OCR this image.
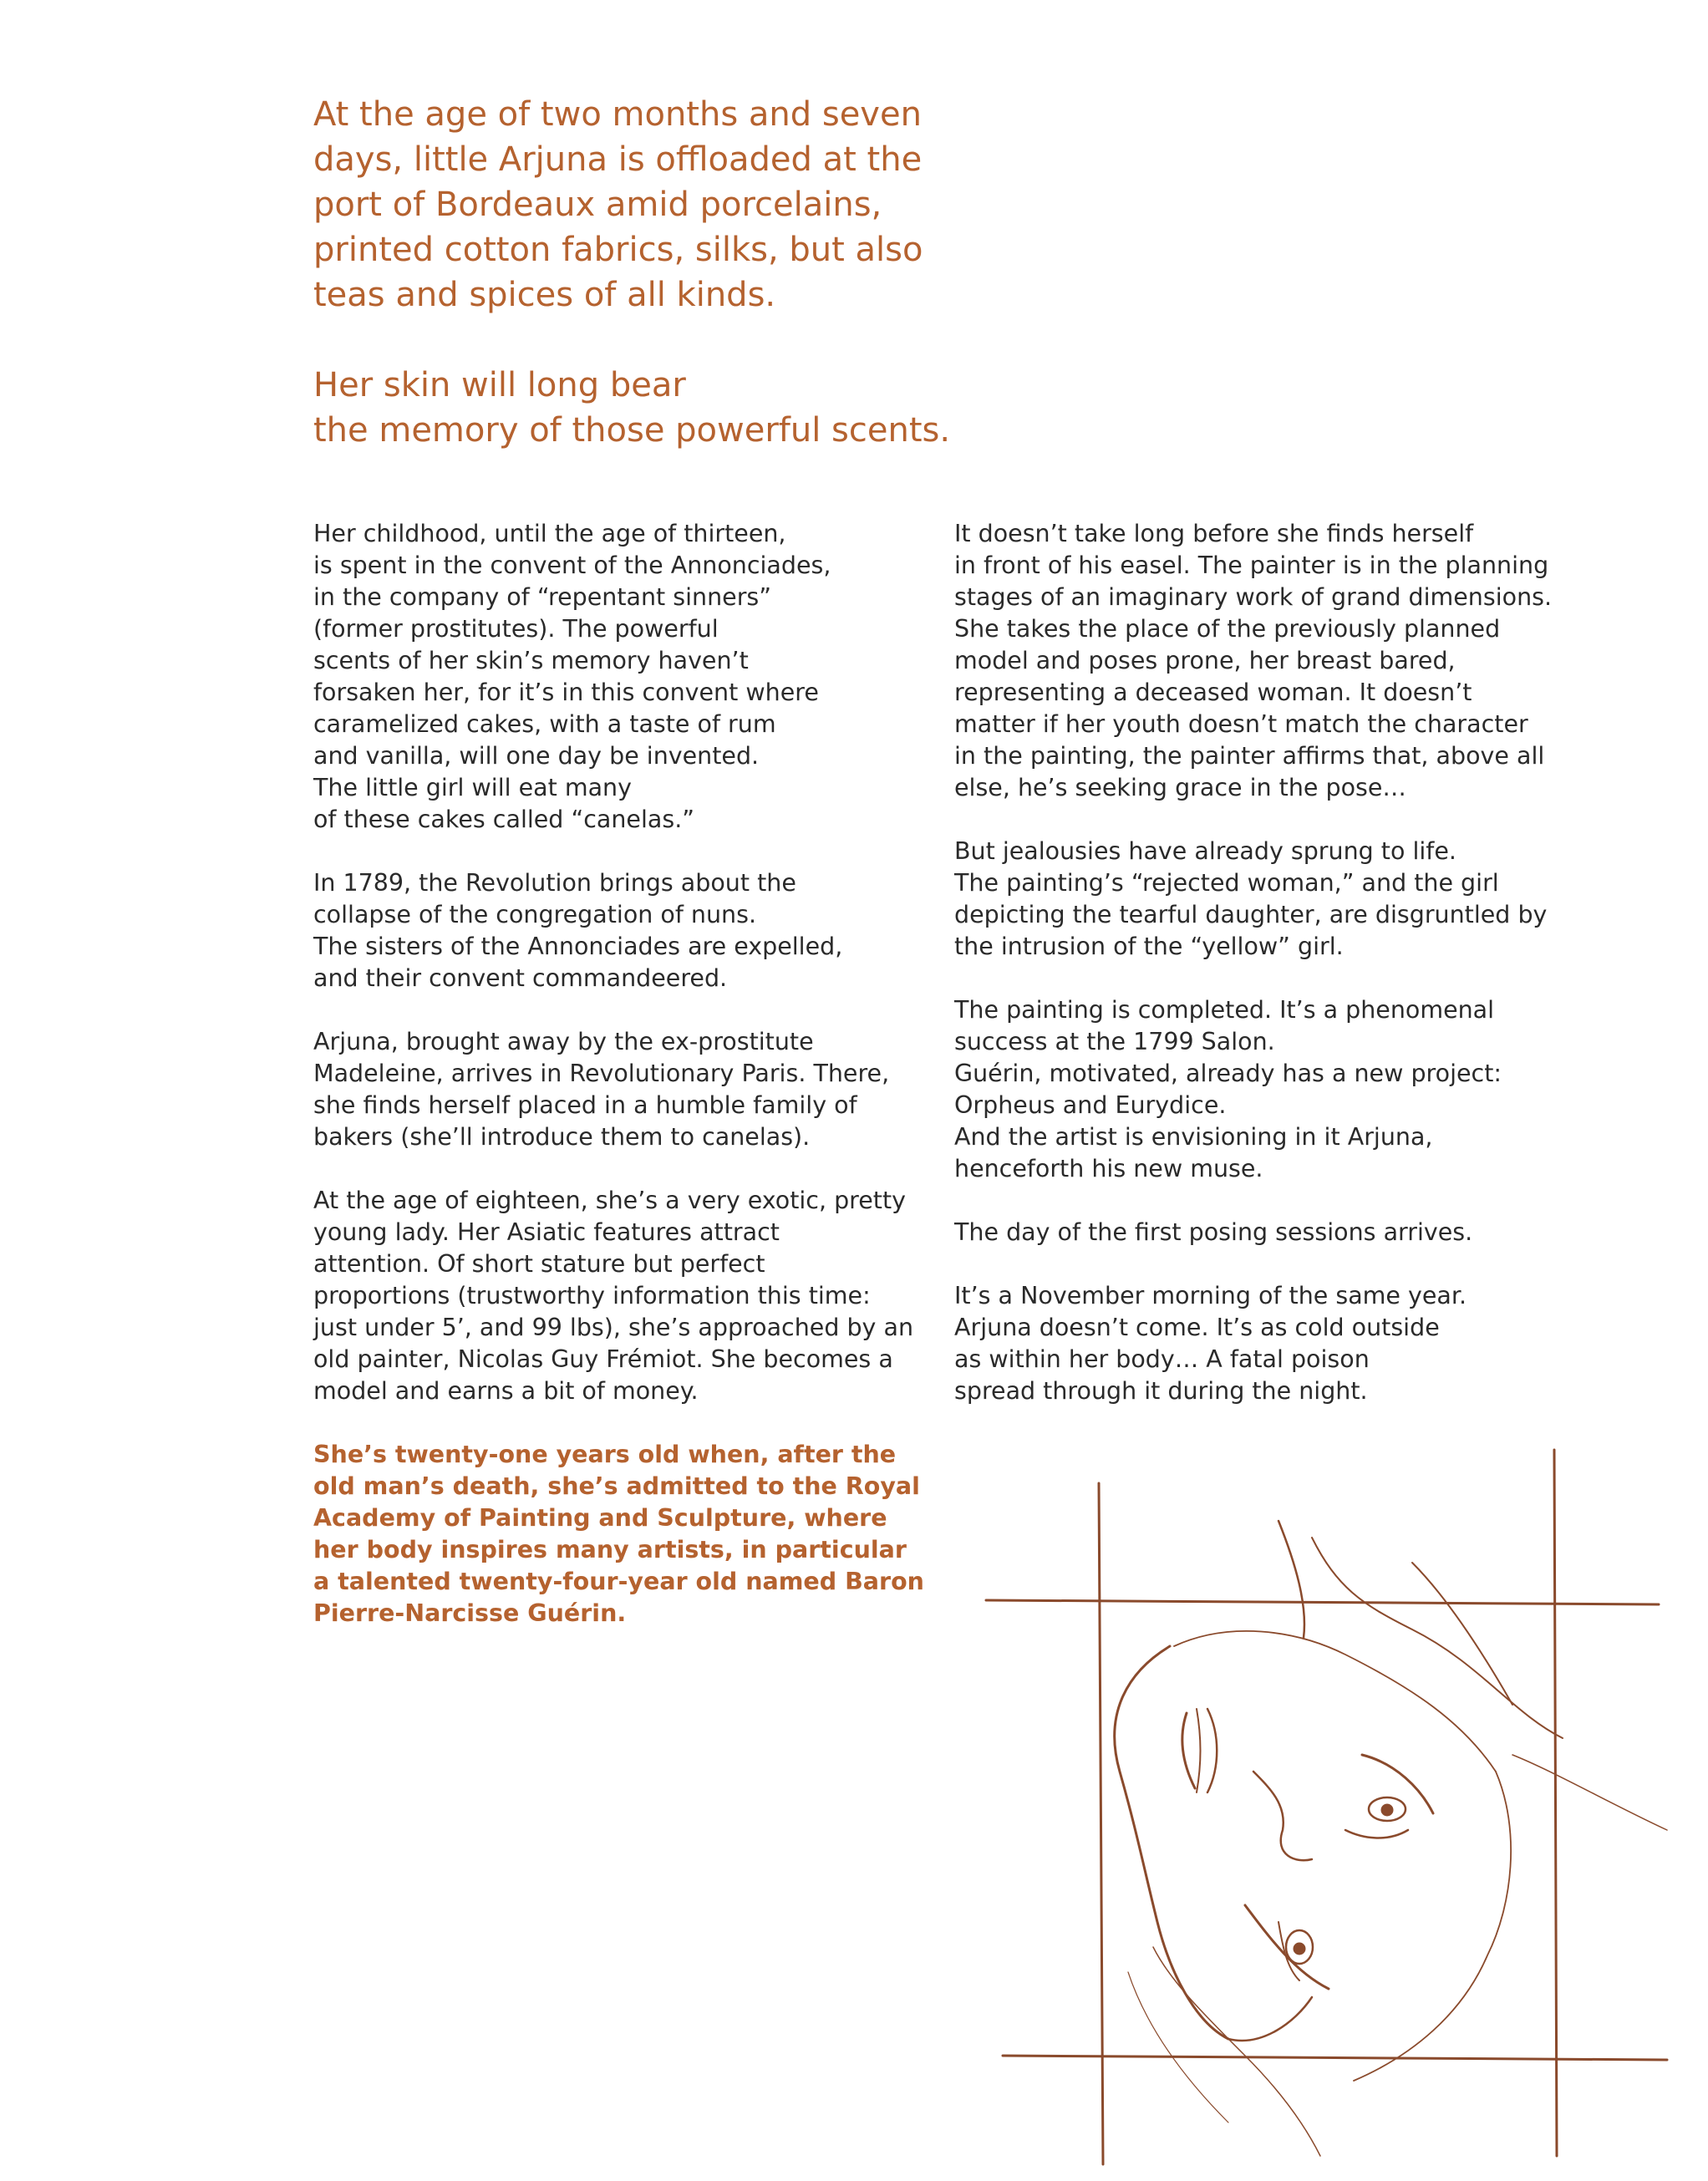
At the age of two months and seven
days, little Arjuna is offloaded at the
port of Bordeaux amid porcelains,
printed cotton fabrics, silks, but also
teas and spices of all kinds.

Her skin will long bear
the memory of those powerful scents.

Her childhood, until the age of thirteen,
is spent in the convent of the Annonciades,
in the company of “repentant sinners”
(former prostitutes). The powerful
scents of her skin’s memory haven’t
forsaken her, for it’s in this convent where
caramelized cakes, with a taste of rum
and vanilla, will one day be invented.
The little girl will eat many
of these cakes called “canelas.”

In 1789, the Revolution brings about the
collapse of the congregation of nuns.
The sisters of the Annonciades are expelled,
and their convent commandeered.

Arjuna, brought away by the ex-prostitute
Madeleine, arrives in Revolutionary Paris. There,
she finds herself placed in a humble family of
bakers (she’ll introduce them to canelas).

At the age of eighteen, she’s a very exotic, pretty
young lady. Her Asiatic features attract
attention. Of short stature but perfect
proportions (trustworthy information this time:
just under 5’, and 99 lbs), she’s approached by an
old painter, Nicolas Guy Frémiot. She becomes a
model and earns a bit of money.

She’s twenty-one years old when, after the
old man’s death, she’s admitted to the Royal
Academy of Painting and Sculpture, where
her body inspires many artists, in particular
a talented twenty-four-year old named Baron
Pierre-Narcisse Guérin.

It doesn’t take long before she finds herself
in front of his easel. The painter is in the planning
stages of an imaginary work of grand dimensions.
She takes the place of the previously planned
model and poses prone, her breast bared,
representing a deceased woman. It doesn’t
matter if her youth doesn’t match the character
in the painting, the painter affirms that, above all
else, he’s seeking grace in the pose…

But jealousies have already sprung to life.
The painting’s “rejected woman,” and the girl
depicting the tearful daughter, are disgruntled by
the intrusion of the “yellow” girl.

The painting is completed. It’s a phenomenal
success at the 1799 Salon.
Guérin, motivated, already has a new project:
Orpheus and Eurydice.
And the artist is envisioning in it Arjuna,
henceforth his new muse.

The day of the first posing sessions arrives.

It’s a November morning of the same year.
Arjuna doesn’t come. It’s as cold outside
as within her body… A fatal poison
spread through it during the night.
